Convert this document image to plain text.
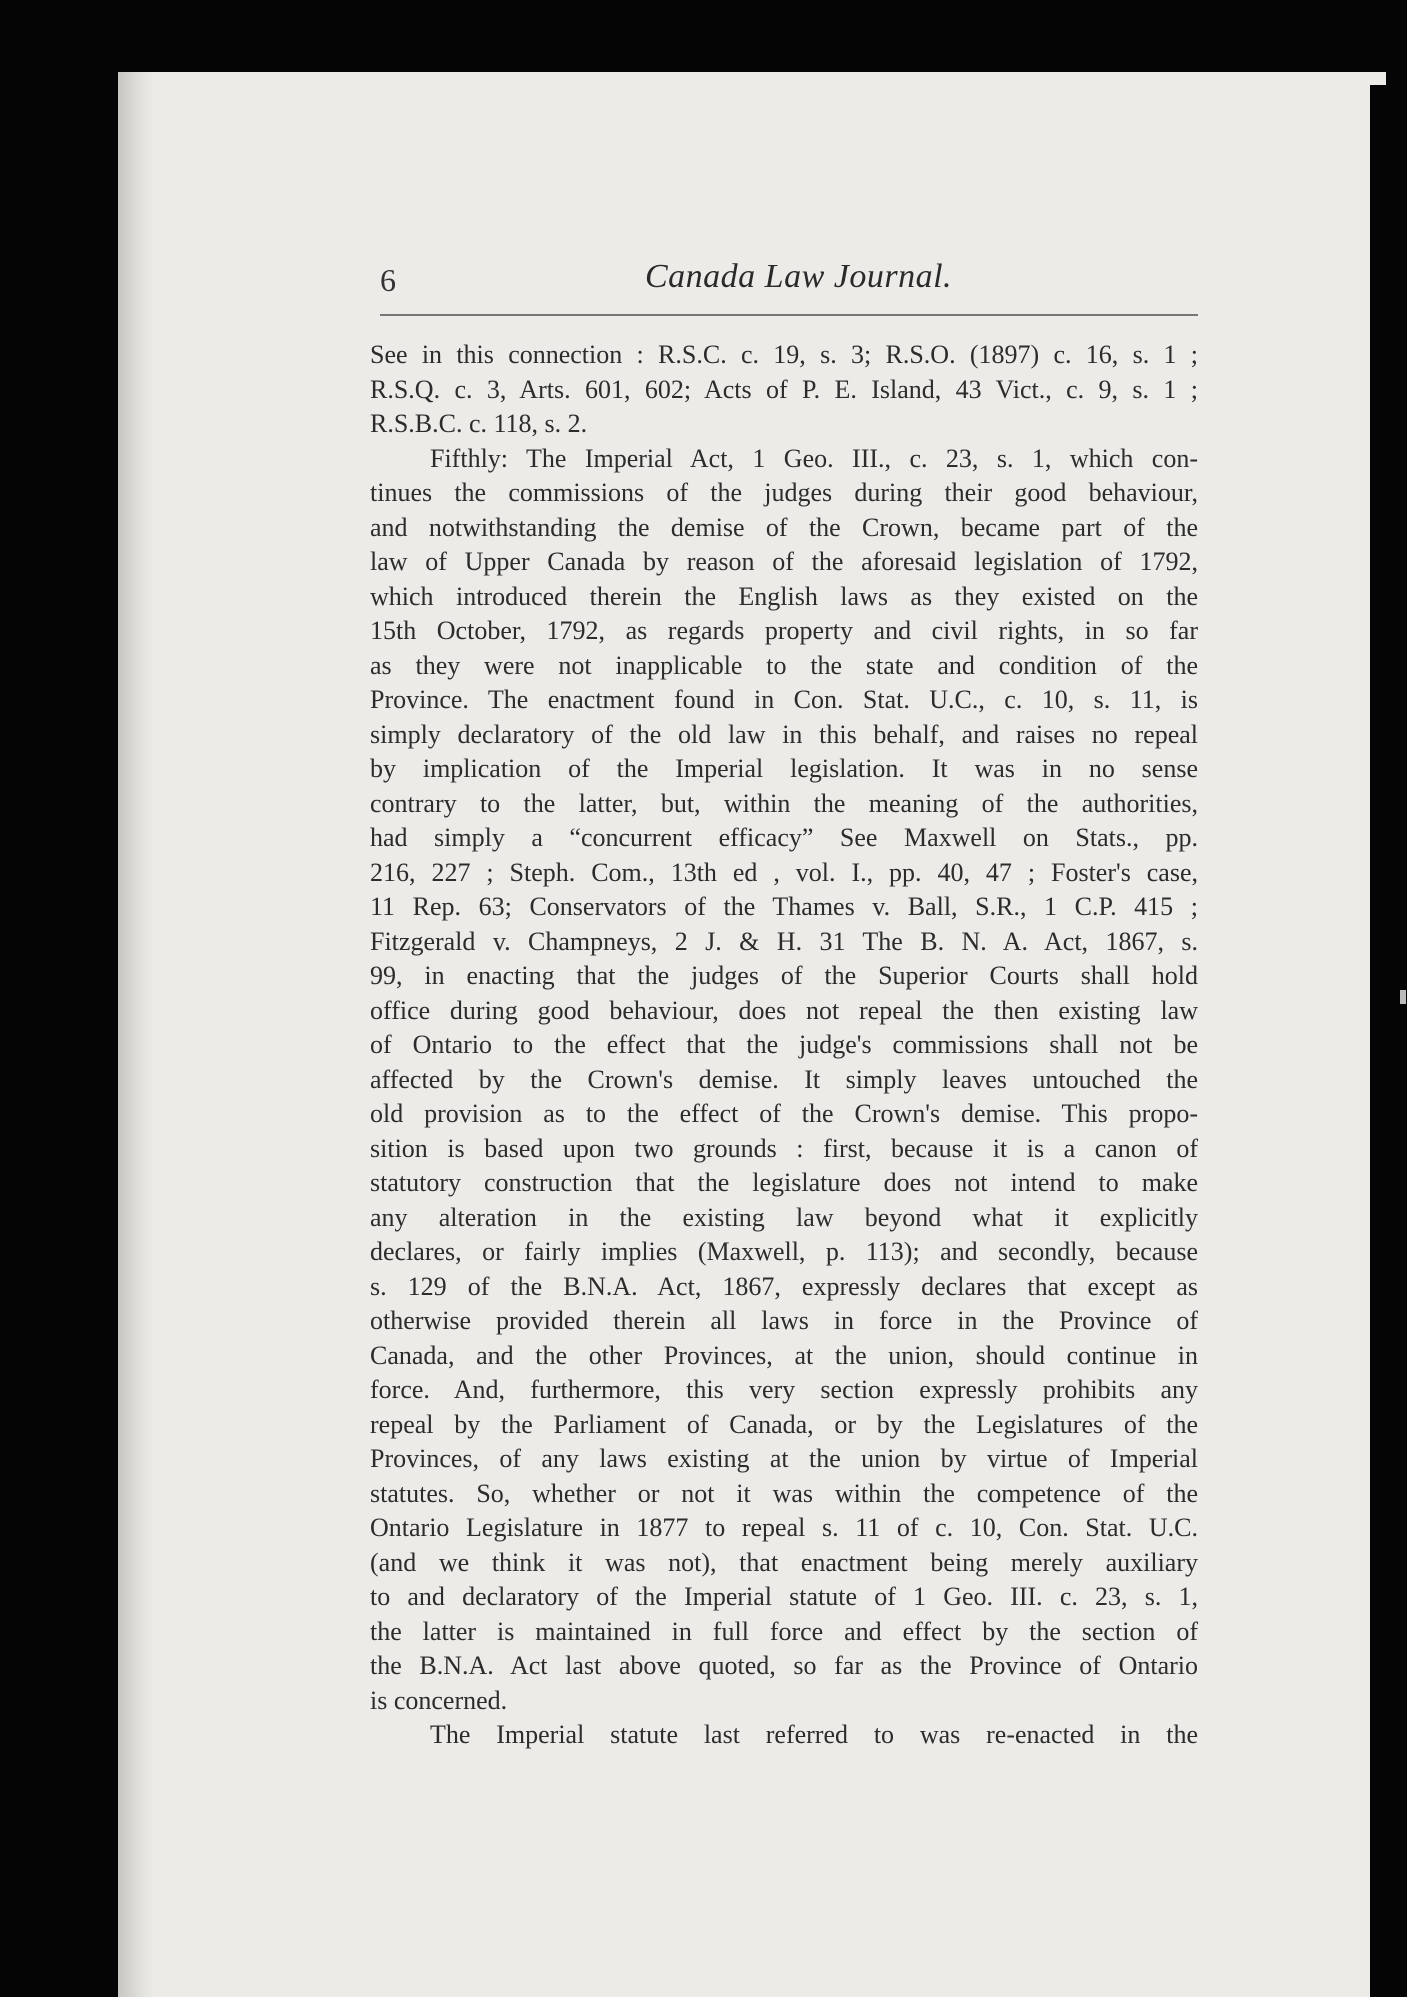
6	Canada Law Journal.
See in this connection : R.S.C. c. 19, s. 3; R.S.O. (1897) c. 16, s. 1 ;
R.S.Q. c. 3, Arts. 601, 602; Acts of P. E. Island, 43 Vict., c. 9, s. 1 ;
R.S.B.C. c. 118, s. 2.
Fifthly: The Imperial Act, 1 Geo. III., c. 23, s. 1, which con-
tinues the commissions of the judges during their good behaviour,
and notwithstanding the demise of the Crown, became part of the
law of Upper Canada by reason of the aforesaid legislation of 1792,
which introduced therein the English laws as they existed on the
15th October, 1792, as regards property and civil rights, in so far
as they were not inapplicable to the state and condition of the
Province. The enactment found in Con. Stat. U.C., c. 10, s. 11, is
simply declaratory of the old law in this behalf, and raises no repeal
by implication of the Imperial legislation. It was in no sense
contrary to the latter, but, within the meaning of the authorities,
had simply a “concurrent efficacy” See Maxwell on Stats., pp.
216, 227 ; Steph. Com., 13th ed , vol. I., pp. 40, 47 ; Foster's case,
11 Rep. 63; Conservators of the Thames v. Ball, S.R., 1 C.P. 415 ;
Fitzgerald v. Champneys, 2 J. & H. 31 The B. N. A. Act, 1867, s.
99, in enacting that the judges of the Superior Courts shall hold
office during good behaviour, does not repeal the then existing law
of Ontario to the effect that the judge's commissions shall not be
affected by the Crown's demise. It simply leaves untouched the
old provision as to the effect of the Crown's demise. This propo-
sition is based upon two grounds : first, because it is a canon of
statutory construction that the legislature does not intend to make
any alteration in the existing law beyond what it explicitly
declares, or fairly implies (Maxwell, p. 113); and secondly, because
s. 129 of the B.N.A. Act, 1867, expressly declares that except as
otherwise provided therein all laws in force in the Province of
Canada, and the other Provinces, at the union, should continue in
force. And, furthermore, this very section expressly prohibits any
repeal by the Parliament of Canada, or by the Legislatures of the
Provinces, of any laws existing at the union by virtue of Imperial
statutes. So, whether or not it was within the competence of the
Ontario Legislature in 1877 to repeal s. 11 of c. 10, Con. Stat. U.C.
(and we think it was not), that enactment being merely auxiliary
to and declaratory of the Imperial statute of 1 Geo. III. c. 23, s. 1,
the latter is maintained in full force and effect by the section of
the B.N.A. Act last above quoted, so far as the Province of Ontario
is concerned.
The Imperial statute last referred to was re-enacted in the
